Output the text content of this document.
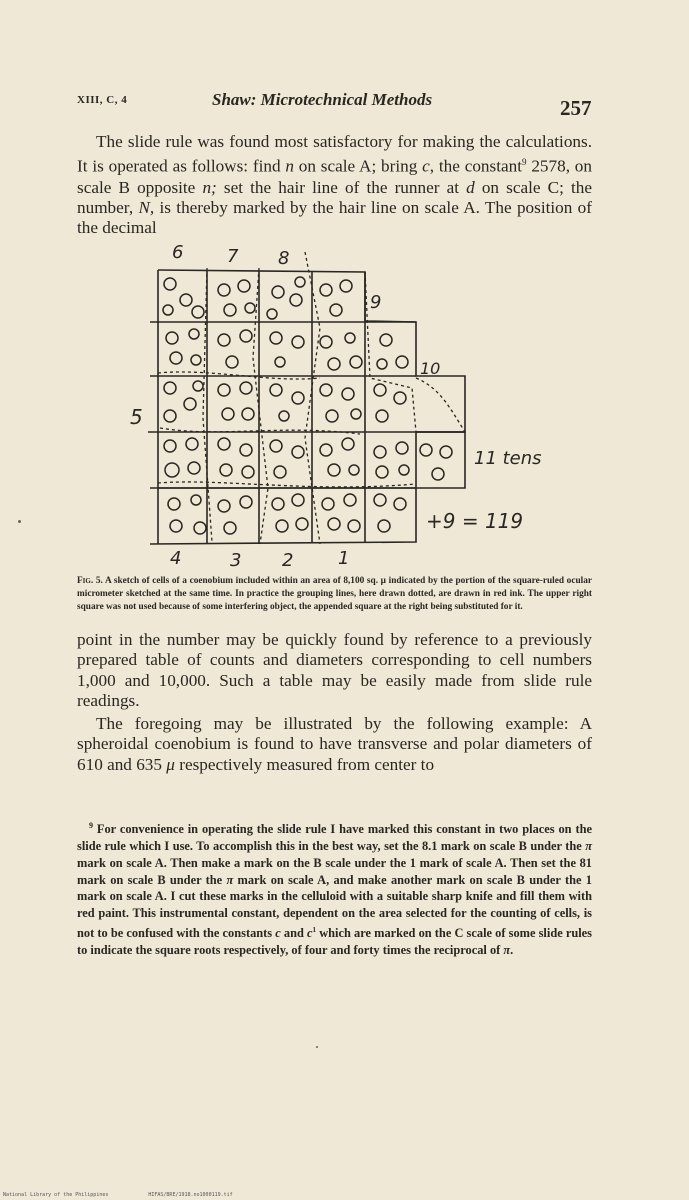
XIII, C, 4	Shaw: Microtechnical Methods	257

The slide rule was found most satisfactory for making the calculations. It is operated as follows: find n on scale A; bring c, the constant$^9$ 2578, on scale B opposite n; set the hair line of the runner at d on scale C; the number, N, is thereby marked by the hair line on scale A. The position of the decimal

6 7 8
9
10
5
11 tens
+9 = 119
4	3 2 1

Fig. 5. A sketch of cells of a coenobium included within an area of 8,100 sq. μ indicated by the portion of the square-ruled ocular micrometer sketched at the same time. In practice the grouping lines, here drawn dotted, are drawn in red ink. The upper right square was not used because of some interfering object, the appended square at the right being substituted for it.

point in the number may be quickly found by reference to a previously prepared table of counts and diameters corresponding to cell numbers 1,000 and 10,000. Such a table may be easily made from slide rule readings.

The foregoing may be illustrated by the following example: A spheroidal coenobium is found to have transverse and polar diameters of 610 and 635 μ respectively measured from center to

$^9$ For convenience in operating the slide rule I have marked this constant in two places on the slide rule which I use. To accomplish this in the best way, set the 8.1 mark on scale B under the π mark on scale A. Then make a mark on the B scale under the 1 mark of scale A. Then set the 81 mark on scale B under the π mark on scale A, and make another mark on scale B under the 1 mark on scale A. I cut these marks in the celluloid with a suitable sharp knife and fill them with red paint. This instrumental constant, dependent on the area selected for the counting of cells, is not to be confused with the constants c and $c^1$ which are marked on the C scale of some slide rules to indicate the square roots respectively, of four and forty times the reciprocal of π.

National Library of the Philippines	HIFAS/BRE/1918.no1000119.tif
